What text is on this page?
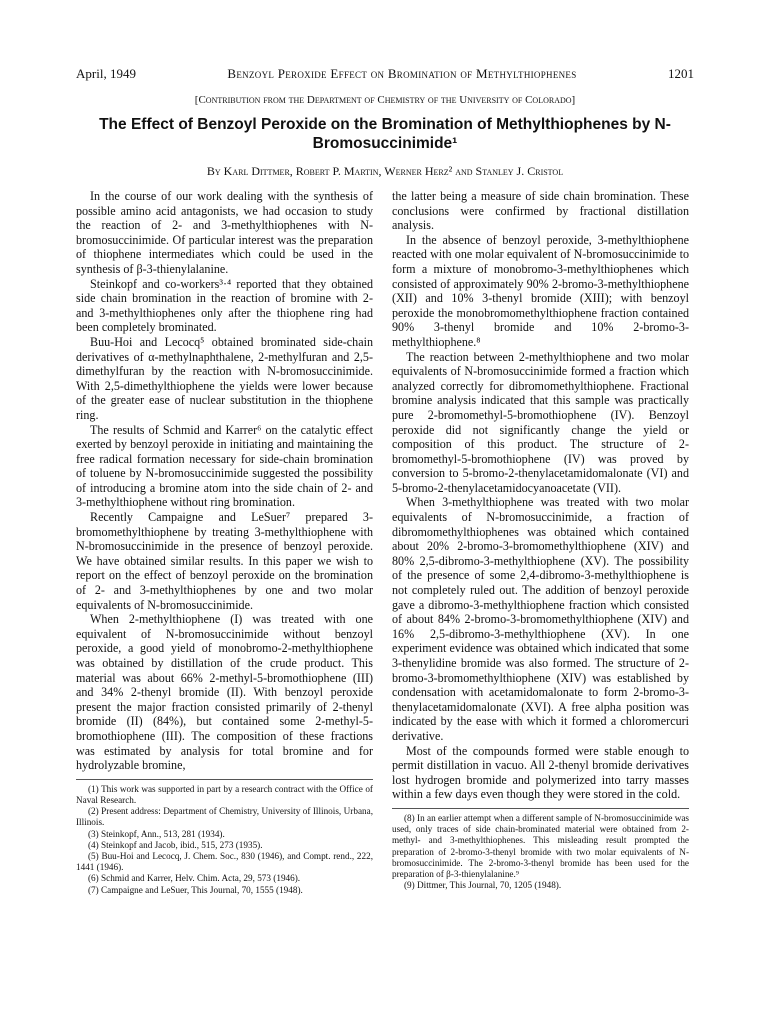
April, 1949	Benzoyl Peroxide Effect on Bromination of Methylthiophenes	1201
[Contribution from the Department of Chemistry of the University of Colorado]
The Effect of Benzoyl Peroxide on the Bromination of Methylthiophenes by N-Bromosuccinimide¹
By Karl Dittmer, Robert P. Martin, Werner Herz² and Stanley J. Cristol

In the course of our work dealing with the synthesis of possible amino acid antagonists, we had occasion to study the reaction of 2- and 3-methylthiophenes with N-bromosuccinimide. Of particular interest was the preparation of thiophene intermediates which could be used in the synthesis of β-3-thienylalanine.

Steinkopf and co-workers³·⁴ reported that they obtained side chain bromination in the reaction of bromine with 2- and 3-methylthiophenes only after the thiophene ring had been completely brominated.

Buu-Hoi and Lecocq⁵ obtained brominated side-chain derivatives of α-methylnaphthalene, 2-methylfuran and 2,5-dimethylfuran by the reaction with N-bromosuccinimide. With 2,5-dimethylthiophene the yields were lower because of the greater ease of nuclear substitution in the thiophene ring.

The results of Schmid and Karrer⁶ on the catalytic effect exerted by benzoyl peroxide in initiating and maintaining the free radical formation necessary for side-chain bromination of toluene by N-bromosuccinimide suggested the possibility of introducing a bromine atom into the side chain of 2- and 3-methylthiophene without ring bromination.

Recently Campaigne and LeSuer⁷ prepared 3-bromomethylthiophene by treating 3-methylthiophene with N-bromosuccinimide in the presence of benzoyl peroxide. We have obtained similar results. In this paper we wish to report on the effect of benzoyl peroxide on the bromination of 2- and 3-methylthiophenes by one and two molar equivalents of N-bromosuccinimide.

When 2-methylthiophene (I) was treated with one equivalent of N-bromosuccinimide without benzoyl peroxide, a good yield of monobromo-2-methylthiophene was obtained by distillation of the crude product. This material was about 66% 2-methyl-5-bromothiophene (III) and 34% 2-thenyl bromide (II). With benzoyl peroxide present the major fraction consisted primarily of 2-thenyl bromide (II) (84%), but contained some 2-methyl-5-bromothiophene (III). The composition of these fractions was estimated by analysis for total bromine and for hydrolyzable bromine,

(1) This work was supported in part by a research contract with the Office of Naval Research.

(2) Present address: Department of Chemistry, University of Illinois, Urbana, Illinois.

(3) Steinkopf, Ann., 513, 281 (1934).

(4) Steinkopf and Jacob, ibid., 515, 273 (1935).

(5) Buu-Hoi and Lecocq, J. Chem. Soc., 830 (1946), and Compt. rend., 222, 1441 (1946).

(6) Schmid and Karrer, Helv. Chim. Acta, 29, 573 (1946).

(7) Campaigne and LeSuer, This Journal, 70, 1555 (1948).

the latter being a measure of side chain bromination. These conclusions were confirmed by fractional distillation analysis.

In the absence of benzoyl peroxide, 3-methylthiophene reacted with one molar equivalent of N-bromosuccinimide to form a mixture of monobromo-3-methylthiophenes which consisted of approximately 90% 2-bromo-3-methylthiophene (XII) and 10% 3-thenyl bromide (XIII); with benzoyl peroxide the monobromomethylthiophene fraction contained 90% 3-thenyl bromide and 10% 2-bromo-3-methylthiophene.⁸

The reaction between 2-methylthiophene and two molar equivalents of N-bromosuccinimide formed a fraction which analyzed correctly for dibromomethylthiophene. Fractional bromine analysis indicated that this sample was practically pure 2-bromomethyl-5-bromothiophene (IV). Benzoyl peroxide did not significantly change the yield or composition of this product. The structure of 2-bromomethyl-5-bromothiophene (IV) was proved by conversion to 5-bromo-2-thenylacetamidomalonate (VI) and 5-bromo-2-thenylacetamidocyanoacetate (VII).

When 3-methylthiophene was treated with two molar equivalents of N-bromosuccinimide, a fraction of dibromomethylthiophenes was obtained which contained about 20% 2-bromo-3-bromomethylthiophene (XIV) and 80% 2,5-dibromo-3-methylthiophene (XV). The possibility of the presence of some 2,4-dibromo-3-methylthiophene is not completely ruled out. The addition of benzoyl peroxide gave a dibromo-3-methylthiophene fraction which consisted of about 84% 2-bromo-3-bromomethylthiophene (XIV) and 16% 2,5-dibromo-3-methylthiophene (XV). In one experiment evidence was obtained which indicated that some 3-thenylidine bromide was also formed. The structure of 2-bromo-3-bromomethylthiophene (XIV) was established by condensation with acetamidomalonate to form 2-bromo-3-thenylacetamidomalonate (XVI). A free alpha position was indicated by the ease with which it formed a chloromercuri derivative.

Most of the compounds formed were stable enough to permit distillation in vacuo. All 2-thenyl bromide derivatives lost hydrogen bromide and polymerized into tarry masses within a few days even though they were stored in the cold.

(8) In an earlier attempt when a different sample of N-bromosuccinimide was used, only traces of side chain-brominated material were obtained from 2-methyl- and 3-methylthiophenes. This misleading result prompted the preparation of 2-bromo-3-thenyl bromide with two molar equivalents of N-bromosuccinimide. The 2-bromo-3-thenyl bromide has been used for the preparation of β-3-thienylalanine.⁹

(9) Dittmer, This Journal, 70, 1205 (1948).
